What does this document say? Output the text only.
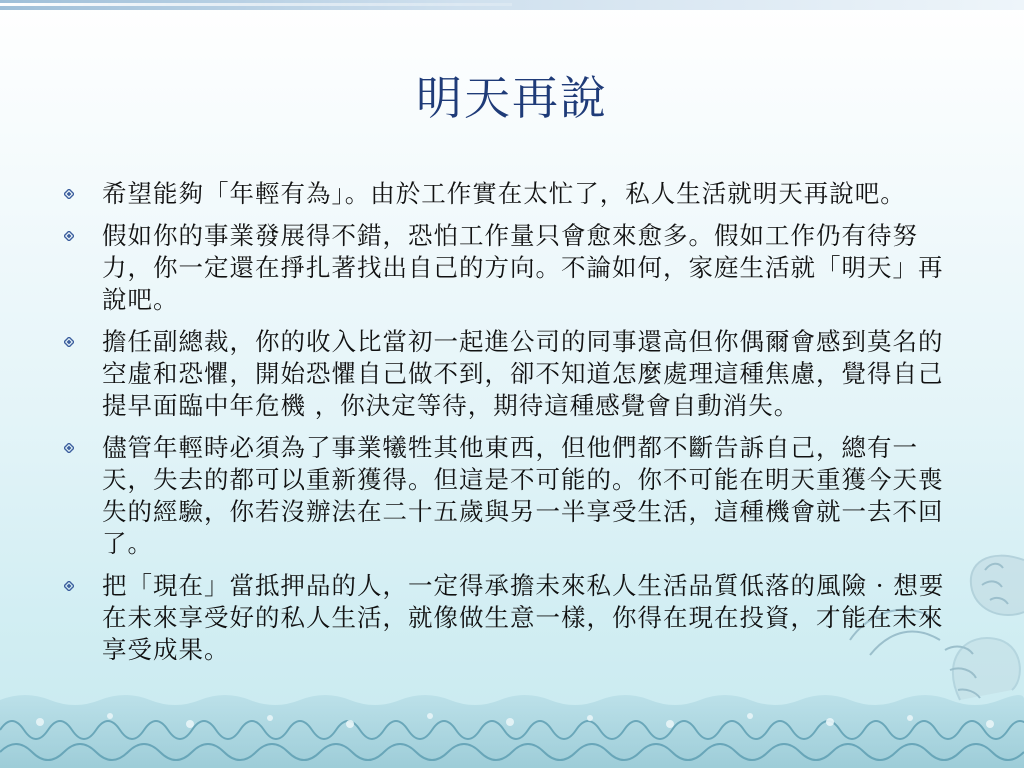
明天再說
希望能夠「年輕有為」。由於工作實在太忙了，私人生活就明天再說吧。
假如你的事業發展得不錯，恐怕工作量只會愈來愈多。假如工作仍有待努力，你一定還在掙扎著找出自己的方向。不論如何，家庭生活就「明天」再說吧。
擔任副總裁，你的收入比當初一起進公司的同事還高但你偶爾會感到莫名的空虛和恐懼，開始恐懼自己做不到，卻不知道怎麼處理這種焦慮，覺得自己提早面臨中年危機 ，你決定等待，期待這種感覺會自動消失。
儘管年輕時必須為了事業犧牲其他東西，但他們都不斷告訴自己，總有一天，失去的都可以重新獲得。但這是不可能的。你不可能在明天重獲今天喪失的經驗，你若沒辦法在二十五歲與另一半享受生活，這種機會就一去不回了。
把「現在」當抵押品的人，一定得承擔未來私人生活品質低落的風險 · 想要在未來享受好的私人生活，就像做生意一樣，你得在現在投資，才能在未來享受成果。
